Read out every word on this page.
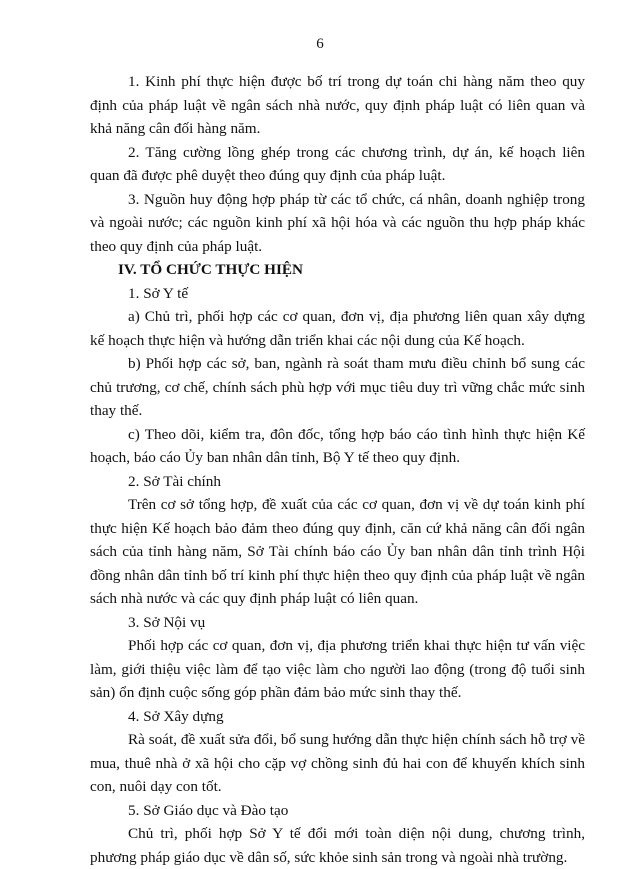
6

1. Kinh phí thực hiện được bố trí trong dự toán chi hàng năm theo quy định của pháp luật về ngân sách nhà nước, quy định pháp luật có liên quan và khả năng cân đối hàng năm.

2. Tăng cường lồng ghép trong các chương trình, dự án, kế hoạch liên quan đã được phê duyệt theo đúng quy định của pháp luật.

3. Nguồn huy động hợp pháp từ các tổ chức, cá nhân, doanh nghiệp trong và ngoài nước; các nguồn kinh phí xã hội hóa và các nguồn thu hợp pháp khác theo quy định của pháp luật.

IV. TỔ CHỨC THỰC HIỆN

1. Sở Y tế

a) Chủ trì, phối hợp các cơ quan, đơn vị, địa phương liên quan xây dựng kế hoạch thực hiện và hướng dẫn triển khai các nội dung của Kế hoạch.

b) Phối hợp các sở, ban, ngành rà soát tham mưu điều chỉnh bổ sung các chủ trương, cơ chế, chính sách phù hợp với mục tiêu duy trì vững chắc mức sinh thay thế.

c) Theo dõi, kiểm tra, đôn đốc, tổng hợp báo cáo tình hình thực hiện Kế hoạch, báo cáo Ủy ban nhân dân tỉnh, Bộ Y tế theo quy định.

2. Sở Tài chính

Trên cơ sở tổng hợp, đề xuất của các cơ quan, đơn vị về dự toán kinh phí thực hiện Kế hoạch bảo đảm theo đúng quy định, căn cứ khả năng cân đối ngân sách của tỉnh hàng năm, Sở Tài chính báo cáo Ủy ban nhân dân tỉnh trình Hội đồng nhân dân tỉnh bố trí kinh phí thực hiện theo quy định của pháp luật về ngân sách nhà nước và các quy định pháp luật có liên quan.

3. Sở Nội vụ

Phối hợp các cơ quan, đơn vị, địa phương triển khai thực hiện tư vấn việc làm, giới thiệu việc làm để tạo việc làm cho người lao động (trong độ tuổi sinh sản) ổn định cuộc sống góp phần đảm bảo mức sinh thay thế.

4. Sở Xây dựng

Rà soát, đề xuất sửa đổi, bổ sung hướng dẫn thực hiện chính sách hỗ trợ về mua, thuê nhà ở xã hội cho cặp vợ chồng sinh đủ hai con để khuyến khích sinh con, nuôi dạy con tốt.

5. Sở Giáo dục và Đào tạo

Chủ trì, phối hợp Sở Y tế đổi mới toàn diện nội dung, chương trình, phương pháp giáo dục về dân số, sức khỏe sinh sản trong và ngoài nhà trường.
